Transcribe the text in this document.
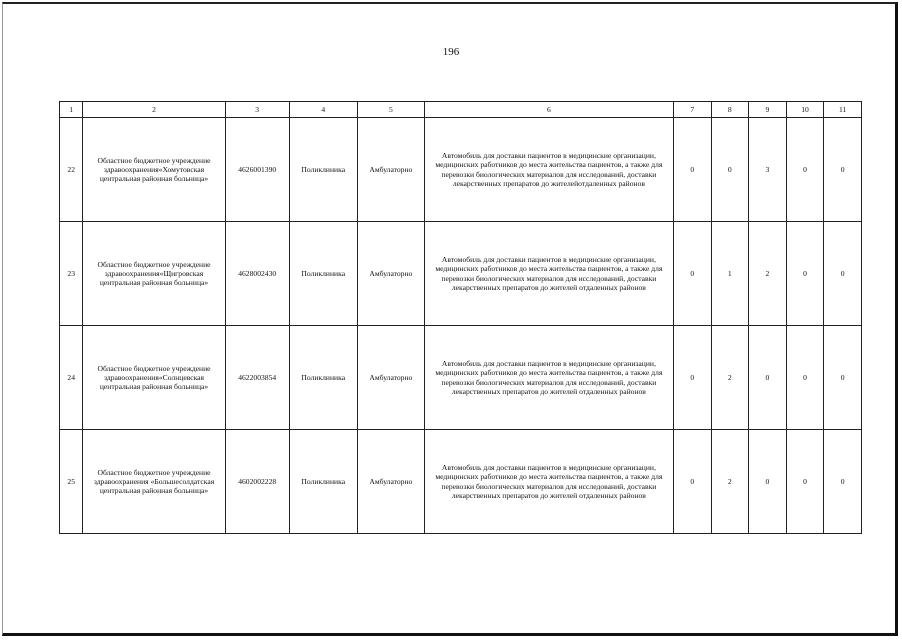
196
1	2	3	4	5	6	7	8	9	10	11
22	Областное бюджетное учреждение здравоохранения«Хомутовская центральная районная больница»	4626001390	Поликлиника	Амбулаторно	Автомобиль для доставки пациентов в медицинские организации, медицинских работников до места жительства пациентов, а также для перевозки биологических материалов для исследований, доставки лекарственных препаратов до жителейотдаленных районов	0	0	3	0	0
23	Областное бюджетное учреждение здравоохранения«Щигровская центральная районная больница»	4628002430	Поликлиника	Амбулаторно	Автомобиль для доставки пациентов в медицинские организации, медицинских работников до места жительства пациентов, а также для перевозки биологических материалов для исследований, доставки лекарственных препаратов до жителей отдаленных районов	0	1	2	0	0
24	Областное бюджетное учреждение здравоохранения«Солнцевская центральная районная больница»	4622003854	Поликлиника	Амбулаторно	Автомобиль для доставки пациентов в медицинские организации, медицинских работников до места жительства пациентов, а также для перевозки биологических материалов для исследований, доставки лекарственных препаратов до жителей отдаленных районов	0	2	0	0	0
25	Областное бюджетное учреждение здравоохранения «Большесолдатская центральная районная больница»	4602002228	Поликлиника	Амбулаторно	Автомобиль для доставки пациентов в медицинские организации, медицинских работников до места жительства пациентов, а также для перевозки биологических материалов для исследований, доставки лекарственных препаратов до жителей отдаленных районов	0	2	0	0	0
